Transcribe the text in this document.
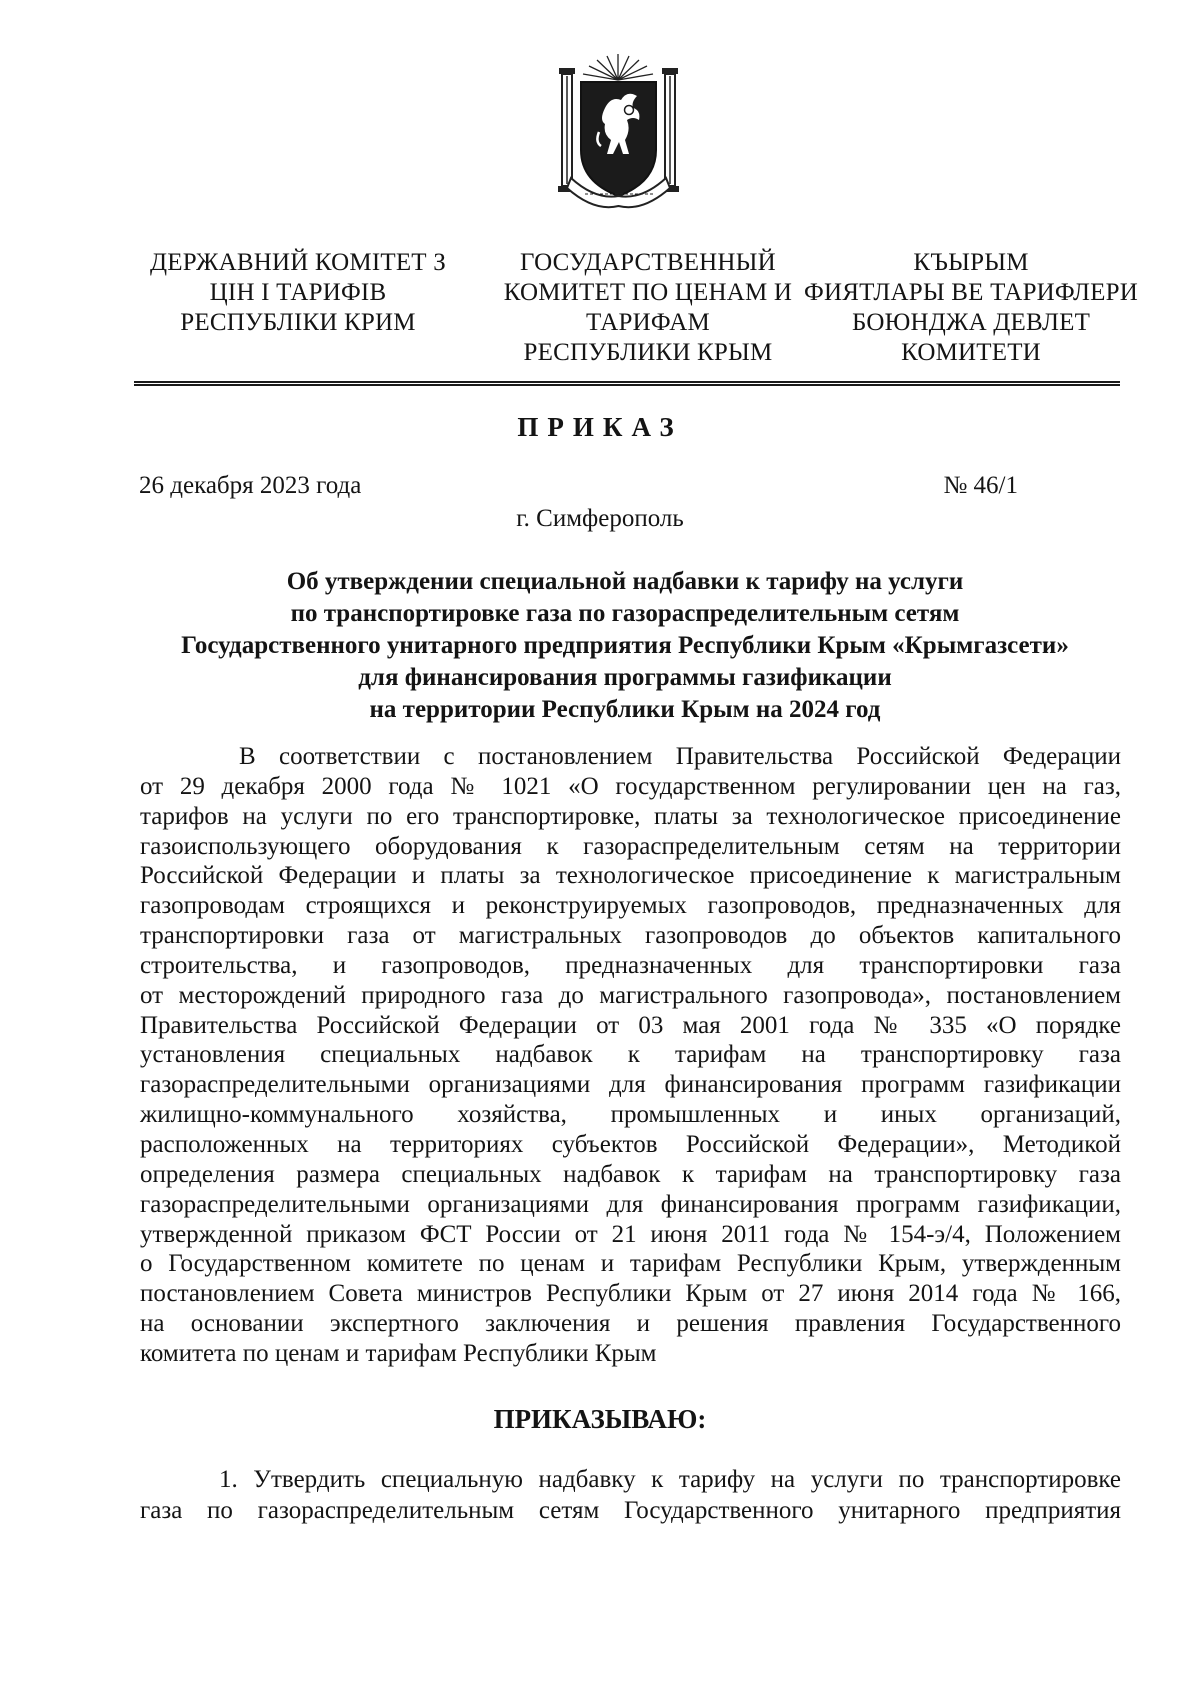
ДЕРЖАВНИЙ КОМІТЕТ З
ЦІН І ТАРИФІВ
РЕСПУБЛІКИ КРИМ
ГОСУДАРСТВЕННЫЙ
КОМИТЕТ ПО ЦЕНАМ И
ТАРИФАМ
РЕСПУБЛИКИ КРЫМ
КЪЫРЫМ
ФИЯТЛАРЫ ВЕ ТАРИФЛЕРИ
БОЮНДЖА ДЕВЛЕТ
КОМИТЕТИ
ПРИКАЗ
26 декабря 2023 года	№ 46/1
г. Симферополь
Об утверждении специальной надбавки к тарифу на услуги
по транспортировке газа по газораспределительным сетям
Государственного унитарного предприятия Республики Крым «Крымгазсети»
для финансирования программы газификации
на территории Республики Крым на 2024 год
В соответствии с постановлением Правительства Российской Федерации
от 29 декабря 2000 года № 1021 «О государственном регулировании цен на газ,
тарифов на услуги по его транспортировке, платы за технологическое присоединение
газоиспользующего оборудования к газораспределительным сетям на территории
Российской Федерации и платы за технологическое присоединение к магистральным
газопроводам строящихся и реконструируемых газопроводов, предназначенных для
транспортировки газа от магистральных газопроводов до объектов капитального
строительства, и газопроводов, предназначенных для транспортировки газа
от месторождений природного газа до магистрального газопровода», постановлением
Правительства Российской Федерации от 03 мая 2001 года № 335 «О порядке
установления специальных надбавок к тарифам на транспортировку газа
газораспределительными организациями для финансирования программ газификации
жилищно-коммунального хозяйства, промышленных и иных организаций,
расположенных на территориях субъектов Российской Федерации», Методикой
определения размера специальных надбавок к тарифам на транспортировку газа
газораспределительными организациями для финансирования программ газификации,
утвержденной приказом ФСТ России от 21 июня 2011 года № 154-э/4, Положением
о Государственном комитете по ценам и тарифам Республики Крым, утвержденным
постановлением Совета министров Республики Крым от 27 июня 2014 года № 166,
на основании экспертного заключения и решения правления Государственного
комитета по ценам и тарифам Республики Крым
ПРИКАЗЫВАЮ:
1. Утвердить специальную надбавку к тарифу на услуги по транспортировке
газа по газораспределительным сетям Государственного унитарного предприятия
